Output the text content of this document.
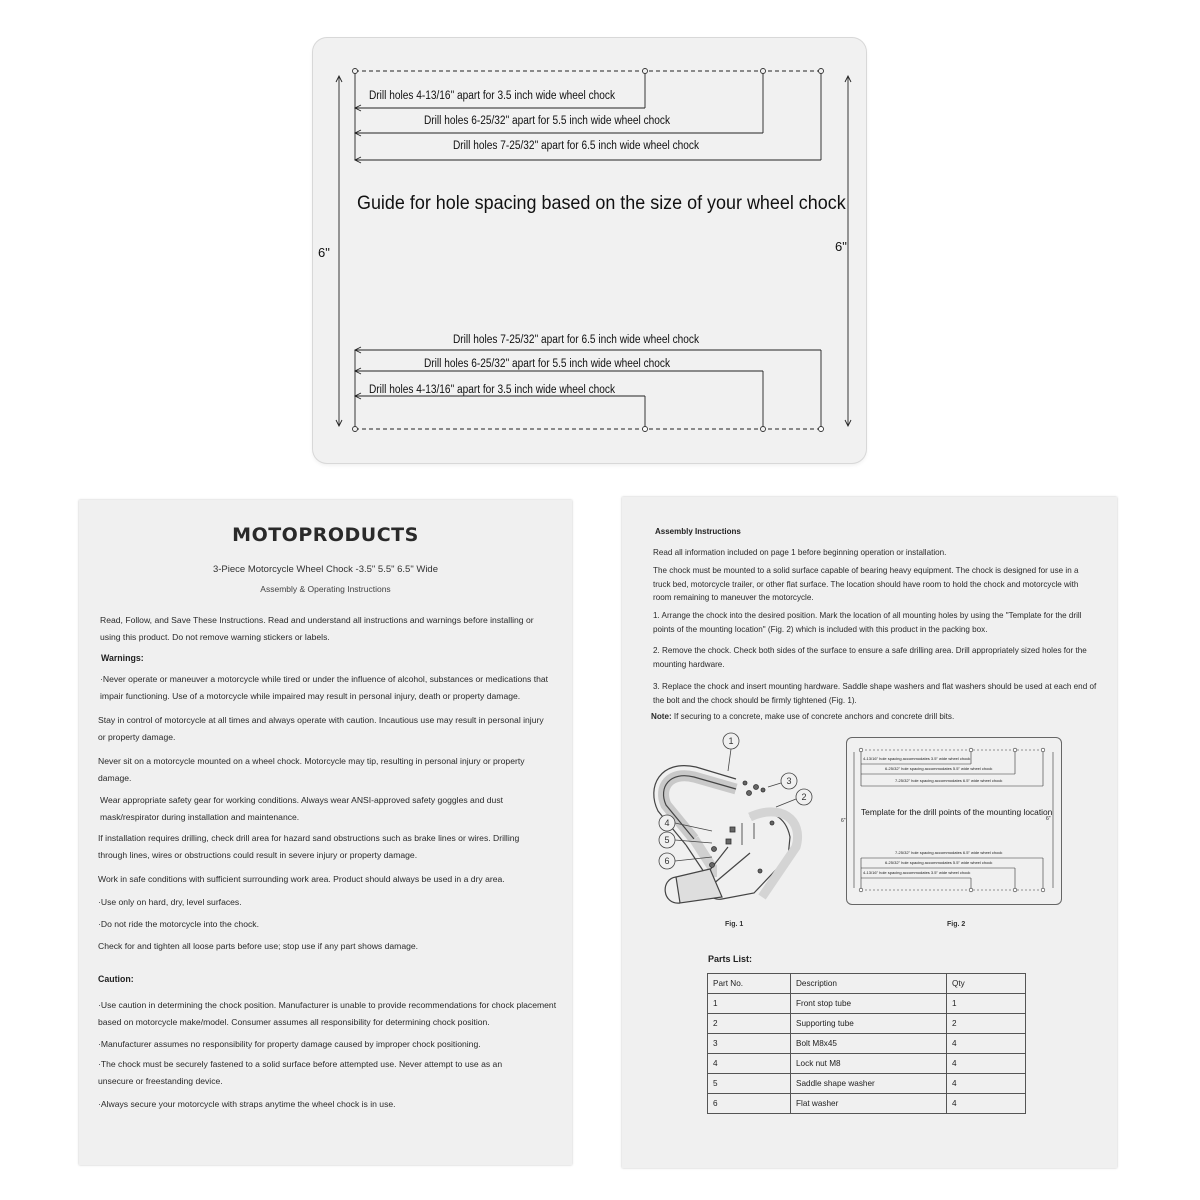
Drill holes 4-13/16" apart for 3.5 inch wide wheel chock
Drill holes 6-25/32" apart for 5.5 inch wide wheel chock
Drill holes 7-25/32" apart for 6.5 inch wide wheel chock
Guide for hole spacing based on the size of your wheel chock
6"	6"
Drill holes 7-25/32" apart for 6.5 inch wide wheel chock
Drill holes 6-25/32" apart for 5.5 inch wide wheel chock
Drill holes 4-13/16" apart for 3.5 inch wide wheel chock
MOTOPRODUCTS
3-Piece Motorcycle Wheel Chock -3.5" 5.5" 6.5" Wide
Assembly & Operating Instructions
Read, Follow, and Save These Instructions. Read and understand all instructions and warnings before installing or using this product. Do not remove warning stickers or labels.
Warnings:
·Never operate or maneuver a motorcycle while tired or under the influence of alcohol, substances or medications that impair functioning. Use of a motorcycle while impaired may result in personal injury, death or property damage.
Stay in control of motorcycle at all times and always operate with caution. Incautious use may result in personal injury or property damage.
Never sit on a motorcycle mounted on a wheel chock. Motorcycle may tip, resulting in personal injury or property damage.
Wear appropriate safety gear for working conditions. Always wear ANSI-approved safety goggles and dust mask/respirator during installation and maintenance.
If installation requires drilling, check drill area for hazard sand obstructions such as brake lines or wires. Drilling through lines, wires or obstructions could result in severe injury or property damage.
Work in safe conditions with sufficient surrounding work area. Product should always be used in a dry area.
·Use only on hard, dry, level surfaces.
·Do not ride the motorcycle into the chock.
Check for and tighten all loose parts before use; stop use if any part shows damage.
Caution:
·Use caution in determining the chock position. Manufacturer is unable to provide recommendations for chock placement based on motorcycle make/model. Consumer assumes all responsibility for determining chock position.
·Manufacturer assumes no responsibility for property damage caused by improper chock positioning.
·The chock must be securely fastened to a solid surface before attempted use. Never attempt to use as an unsecure or freestanding device.
·Always secure your motorcycle with straps anytime the wheel chock is in use.
Assembly Instructions
Read all information included on page 1 before beginning operation or installation.
The chock must be mounted to a solid surface capable of bearing heavy equipment. The chock is designed for use in a truck bed, motorcycle trailer, or other flat surface. The location should have room to hold the chock and motorcycle with room remaining to maneuver the motorcycle.
1. Arrange the chock into the desired position. Mark the location of all mounting holes by using the "Template for the drill points of the mounting location" (Fig. 2) which is included with this product in the packing box.
2. Remove the chock. Check both sides of the surface to ensure a safe drilling area. Drill appropriately sized holes for the mounting hardware.
3. Replace the chock and insert mounting hardware. Saddle shape washers and flat washers should be used at each end of the bolt and the chock should be firmly tightened (Fig. 1).
Note: If securing to a concrete, make use of concrete anchors and concrete drill bits.
1
2
3
4
5
6
Fig. 1
4-13/16" hole spacing accommodates 3.5" wide wheel chock
6-25/32" hole spacing accommodates 5.5" wide wheel chock
7-25/32" hole spacing accommodates 6.5" wide wheel chock
Template for the drill points of the mounting location
6"	6"
7-25/32" hole spacing accommodates 6.5" wide wheel chock
6-25/32" hole spacing accommodates 5.5" wide wheel chock
4-13/16" hole spacing accommodates 3.5" wide wheel chock
Fig. 2
Parts List:
Part No.	Description	Qty
1	Front stop tube	1
2	Supporting tube	2
3	Bolt M8x45	4
4	Lock nut M8	4
5	Saddle shape washer	4
6	Flat washer	4
